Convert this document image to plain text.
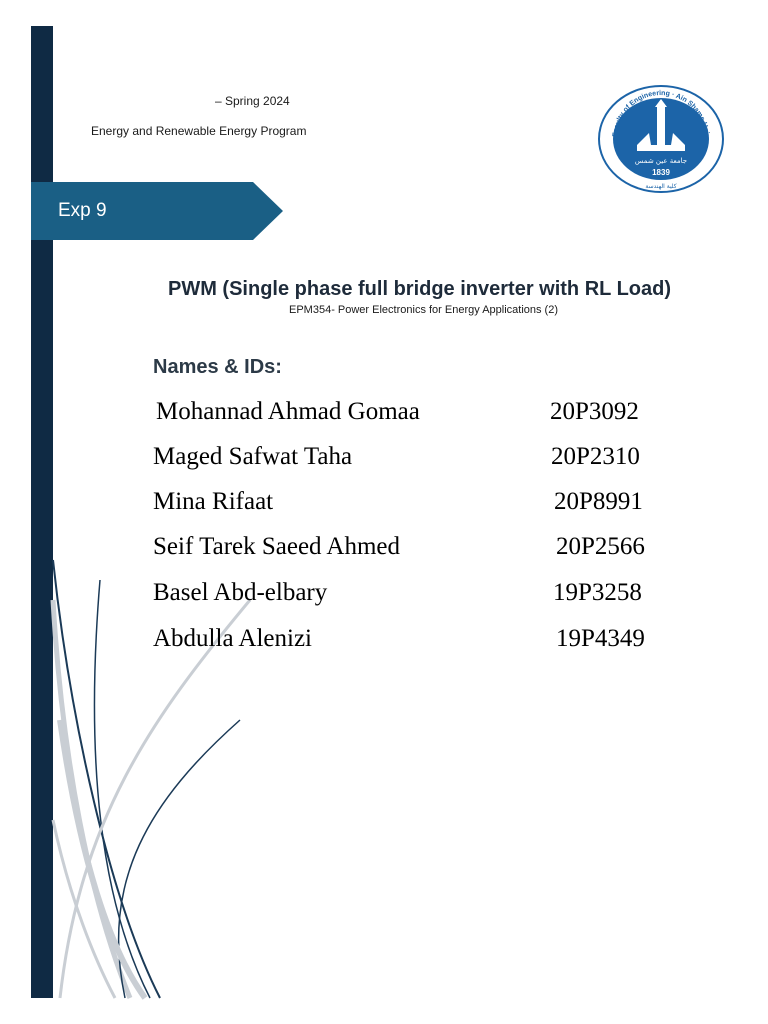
– Spring 2024

Energy and Renewable Energy Program	Faculty of Engineering · Ain Shams Univ
جامعة عين شمس
1839
كلية الهندسة

Exp 9

PWM (Single phase full bridge inverter with RL Load)

EPM354- Power Electronics for Energy Applications (2)

Names & IDs:
Mohannad Ahmad Gomaa	20P3092
Maged Safwat Taha	20P2310
Mina Rifaat	20P8991
Seif Tarek Saeed Ahmed	20P2566
Basel Abd-elbary	19P3258
Abdulla Alenizi	19P4349
